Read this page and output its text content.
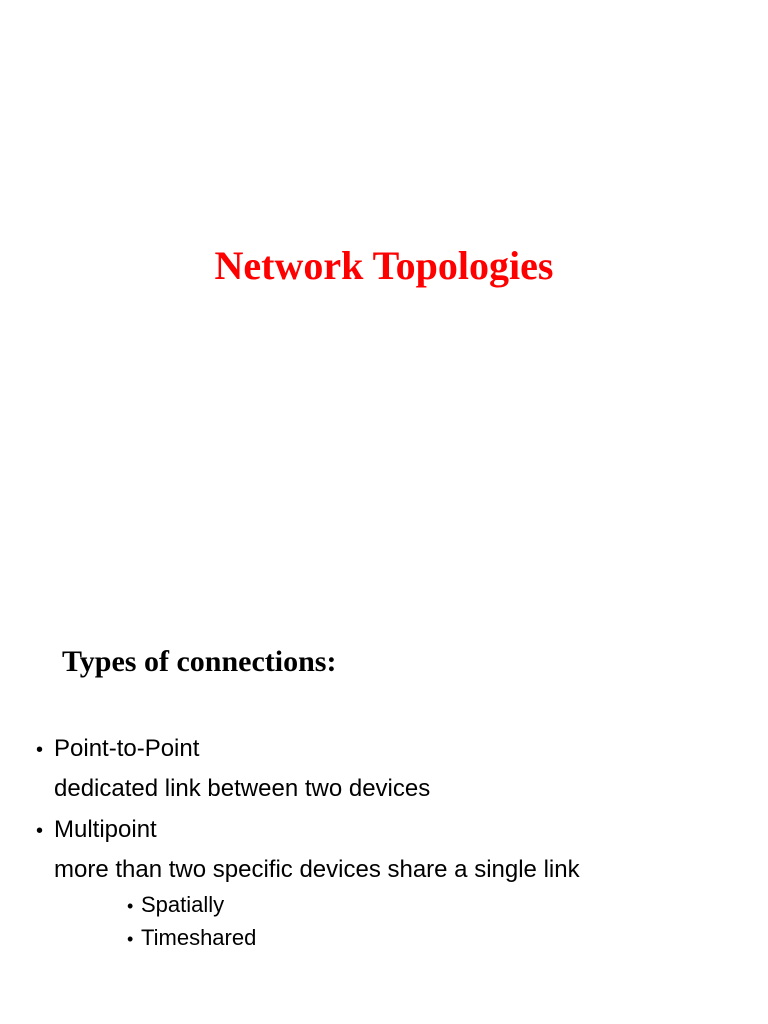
Network Topologies
Types of connections:
• Point-to-Point
dedicated link between two devices
• Multipoint
more than two specific devices share a single link
• Spatially
• Timeshared
